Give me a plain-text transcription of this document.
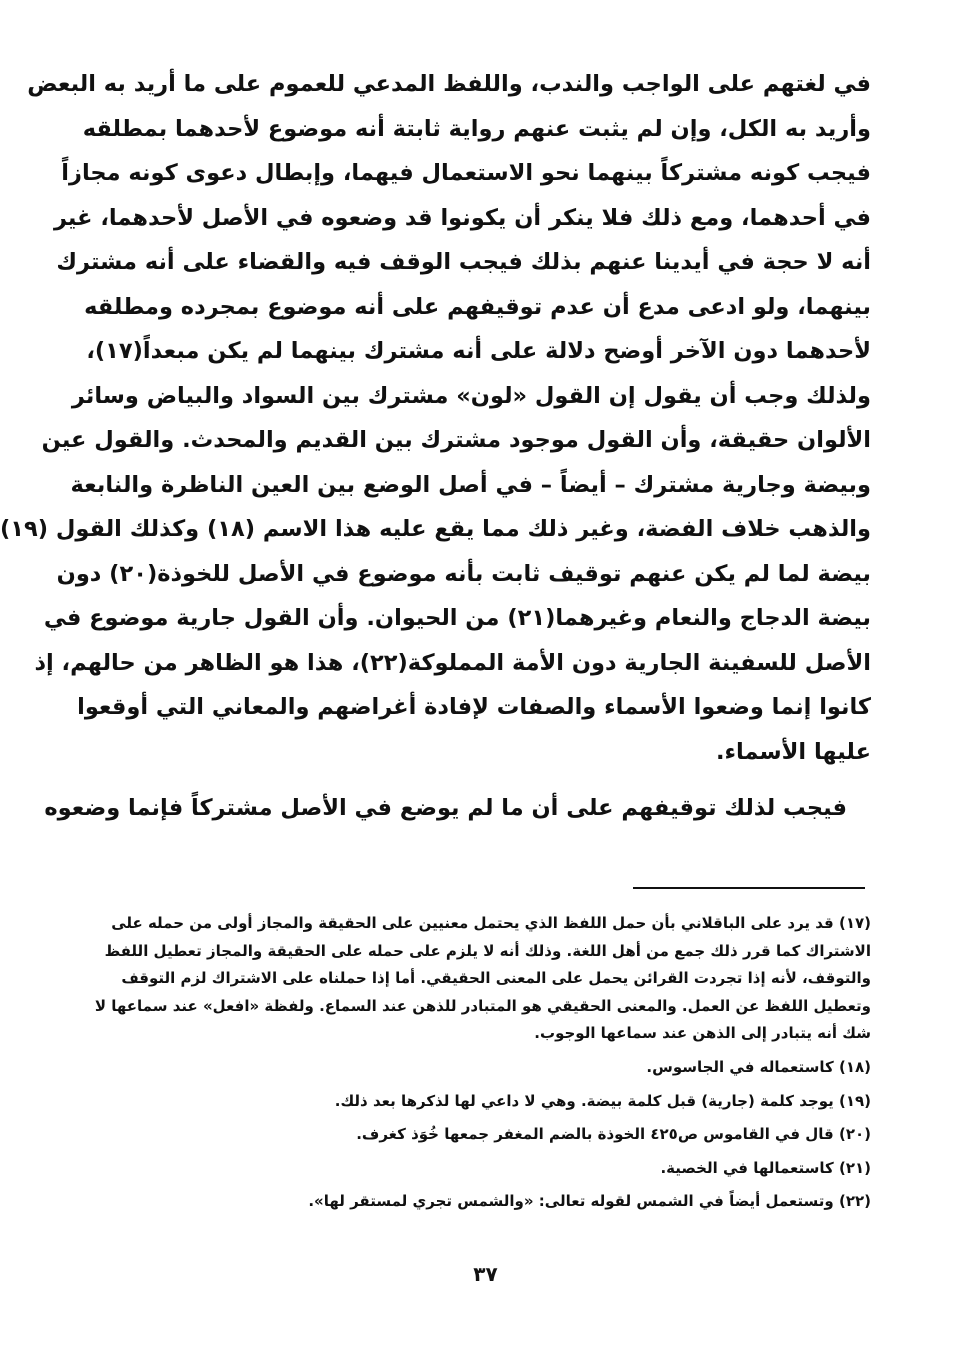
في لغتهم على الواجب والندب، واللفظ المدعي للعموم على ما أريد به البعض
وأريد به الكل، وإن لم يثبت عنهم رواية ثابتة أنه موضوع لأحدهما بمطلقه
فيجب كونه مشتركاً بينهما نحو الاستعمال فيهما، وإبطال دعوى كونه مجازاً
في أحدهما، ومع ذلك فلا ينكر أن يكونوا قد وضعوه في الأصل لأحدهما، غير
أنه لا حجة في أيدينا عنهم بذلك فيجب الوقف فيه والقضاء على أنه مشترك
بينهما، ولو ادعى مدع أن عدم توقيفهم على أنه موضوع بمجرده ومطلقه
لأحدهما دون الآخر أوضح دلالة على أنه مشترك بينهما لم يكن مبعداً(١٧)،
ولذلك وجب أن يقول إن القول «لون» مشترك بين السواد والبياض وسائر
الألوان حقيقة، وأن القول موجود مشترك بين القديم والمحدث. والقول عين
وبيضة وجارية مشترك – أيضاً – في أصل الوضع بين العين الناظرة والنابعة
والذهب خلاف الفضة، وغير ذلك مما يقع عليه هذا الاسم (١٨) وكذلك القول (١٩)
بيضة لما لم يكن عنهم توقيف ثابت بأنه موضوع في الأصل للخوذة(٢٠) دون
بيضة الدجاج والنعام وغيرهما(٢١) من الحيوان. وأن القول جارية موضوع في
الأصل للسفينة الجارية دون الأمة المملوكة(٢٢)، هذا هو الظاهر من حالهم، إذ
كانوا إنما وضعوا الأسماء والصفات لإفادة أغراضهم والمعاني التي أوقعوا
عليها الأسماء.
فيجب لذلك توقيفهم على أن ما لم يوضع في الأصل مشتركاً فإنما وضعوه
(١٧) قد يرد على الباقلاني بأن حمل اللفظ الذي يحتمل معنيين على الحقيقة والمجاز أولى من حمله على
الاشتراك كما قرر ذلك جمع من أهل اللغة. وذلك أنه لا يلزم على حمله على الحقيقة والمجاز تعطيل اللفظ
والتوقف، لأنه إذا تجردت القرائن يحمل على المعنى الحقيقي. أما إذا حملناه على الاشتراك لزم التوقف
وتعطيل اللفظ عن العمل. والمعنى الحقيقي هو المتبادر للذهن عند السماع. ولفظة «افعل» عند سماعها لا
شك أنه يتبادر إلى الذهن عند سماعها الوجوب.
(١٨) كاستعماله في الجاسوس.
(١٩) يوجد كلمة (جارية) قبل كلمة بيضة. وهي لا داعي لها لذكرها بعد ذلك.
(٢٠) قال في القاموس ص٤٢٥ الخوذة بالضم المغفر جمعها خُوَذ كغرف.
(٢١) كاستعمالها في الخصية.
(٢٢) وتستعمل أيضاً في الشمس لقوله تعالى: «والشمس تجري لمستقر لها».
٣٧
